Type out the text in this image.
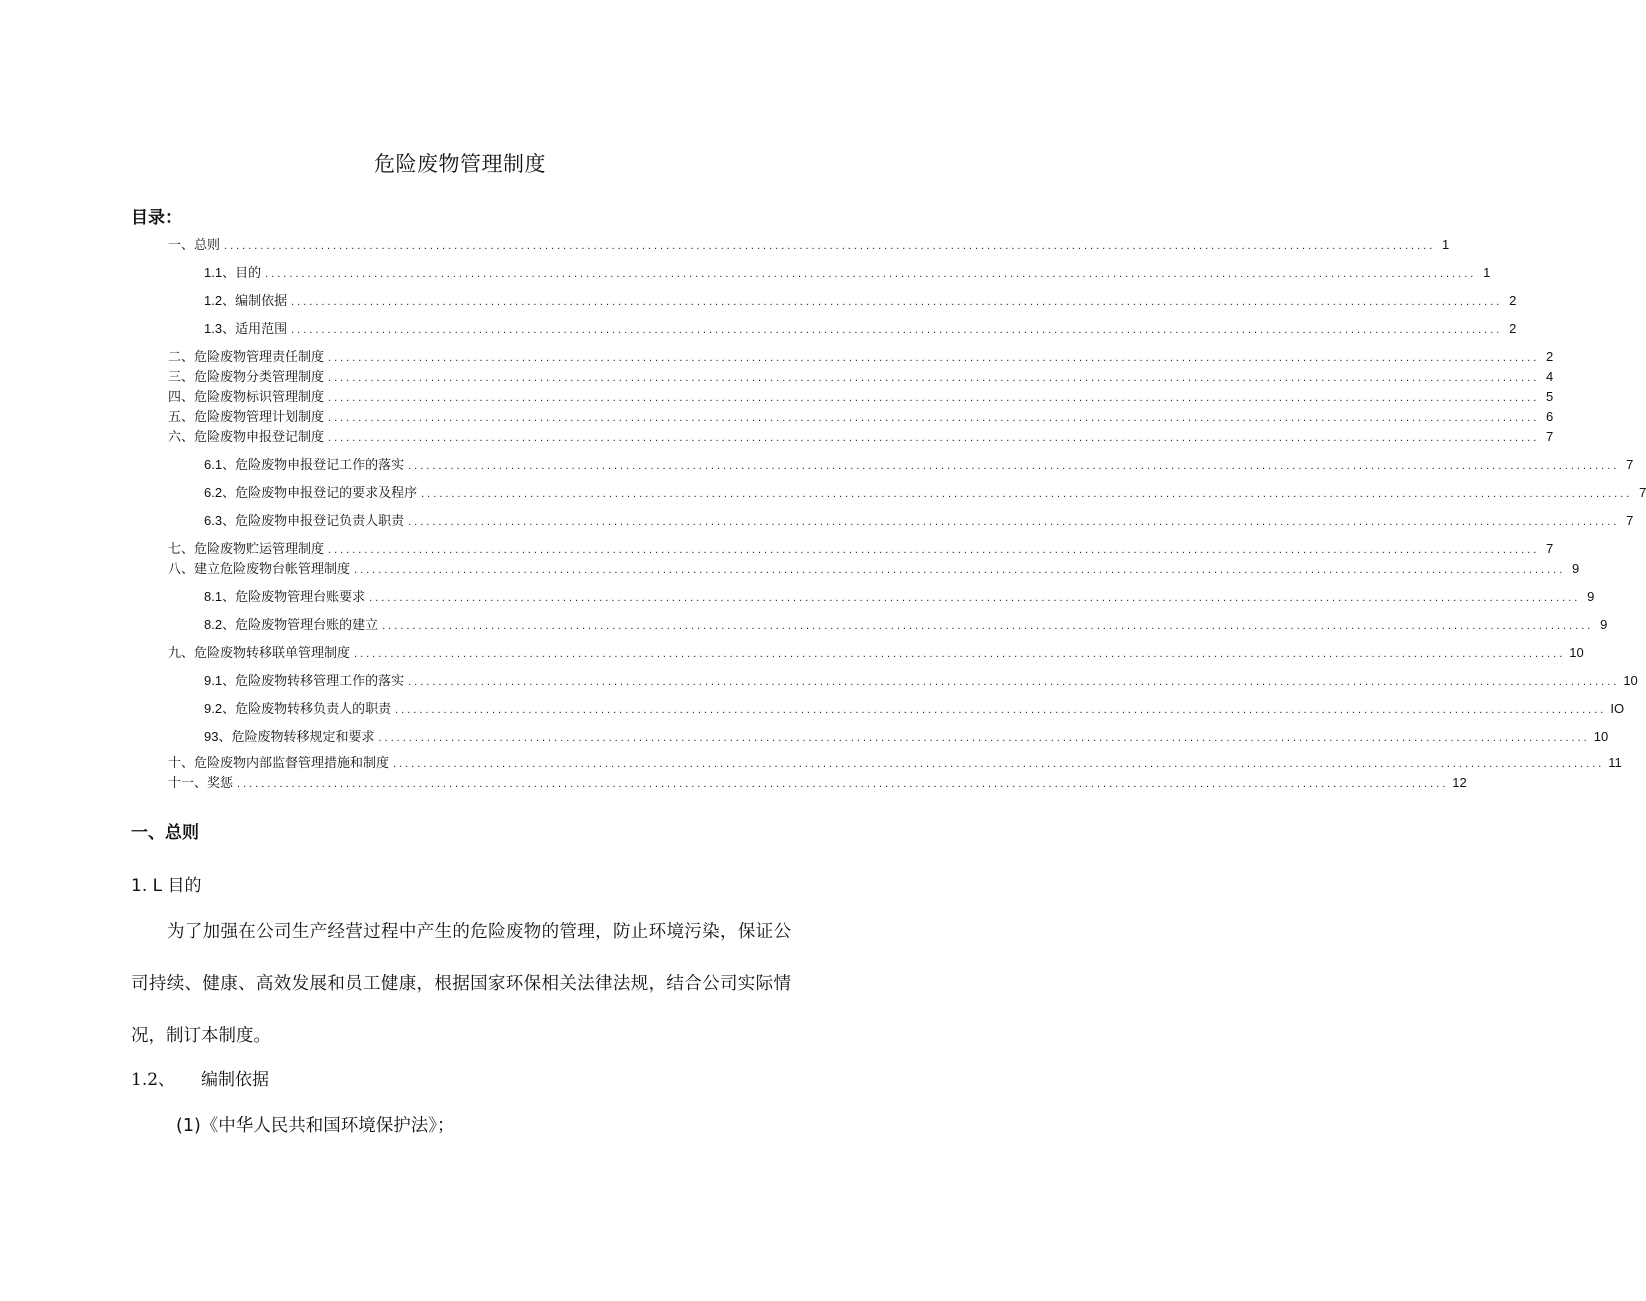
危险废物管理制度
目录：
一、总则 ........................................................................................................................................................................................................ 1
1.1、 目的 ........................................................................................................................................................................................................ 1
1.2、 编制依据 ........................................................................................................................................................................................................ 2
1.3、 适用范围 ........................................................................................................................................................................................................ 2
二、危险废物管理责任制度 ........................................................................................................................................................................................................ 2
三、危险废物分类管理制度 ........................................................................................................................................................................................................ 4
四、危险废物标识管理制度 ........................................................................................................................................................................................................ 5
五、危险废物管理计划制度 ........................................................................................................................................................................................................ 6
六、危险废物申报登记制度 ........................................................................................................................................................................................................ 7
6.1、 危险废物申报登记工作的落实 ........................................................................................................................................................................................................ 7
6.2、 危险废物申报登记的要求及程序 ........................................................................................................................................................................................................ 7
6.3、 危险废物申报登记负责人职责 ........................................................................................................................................................................................................ 7
七、危险废物贮运管理制度 ........................................................................................................................................................................................................ 7
八、建立危险废物台帐管理制度 ........................................................................................................................................................................................................ 9
8.1、 危险废物管理台账要求 ........................................................................................................................................................................................................ 9
8.2、 危险废物管理台账的建立 ........................................................................................................................................................................................................ 9
九、危险废物转移联单管理制度 ........................................................................................................................................................................................................ 10
9.1、 危险废物转移管理工作的落实 ........................................................................................................................................................................................................ 10
9.2、 危险废物转移负责人的职责 ........................................................................................................................................................................................................ IO
93、 危险废物转移规定和要求 ........................................................................................................................................................................................................ 10
十、危险废物内部监督管理措施和制度 ........................................................................................................................................................................................................ 11
十一、奖惩 ........................................................................................................................................................................................................ 12
一、总则
1. L 目的
为了加强在公司生产经营过程中产生的危险废物的管理，防止环境污染，保证公司持续、健康、高效发展和员工健康，根据国家环保相关法律法规，结合公司实际情况，制订本制度。
1.2、 编制依据
(1)《中华人民共和国环境保护法》；
